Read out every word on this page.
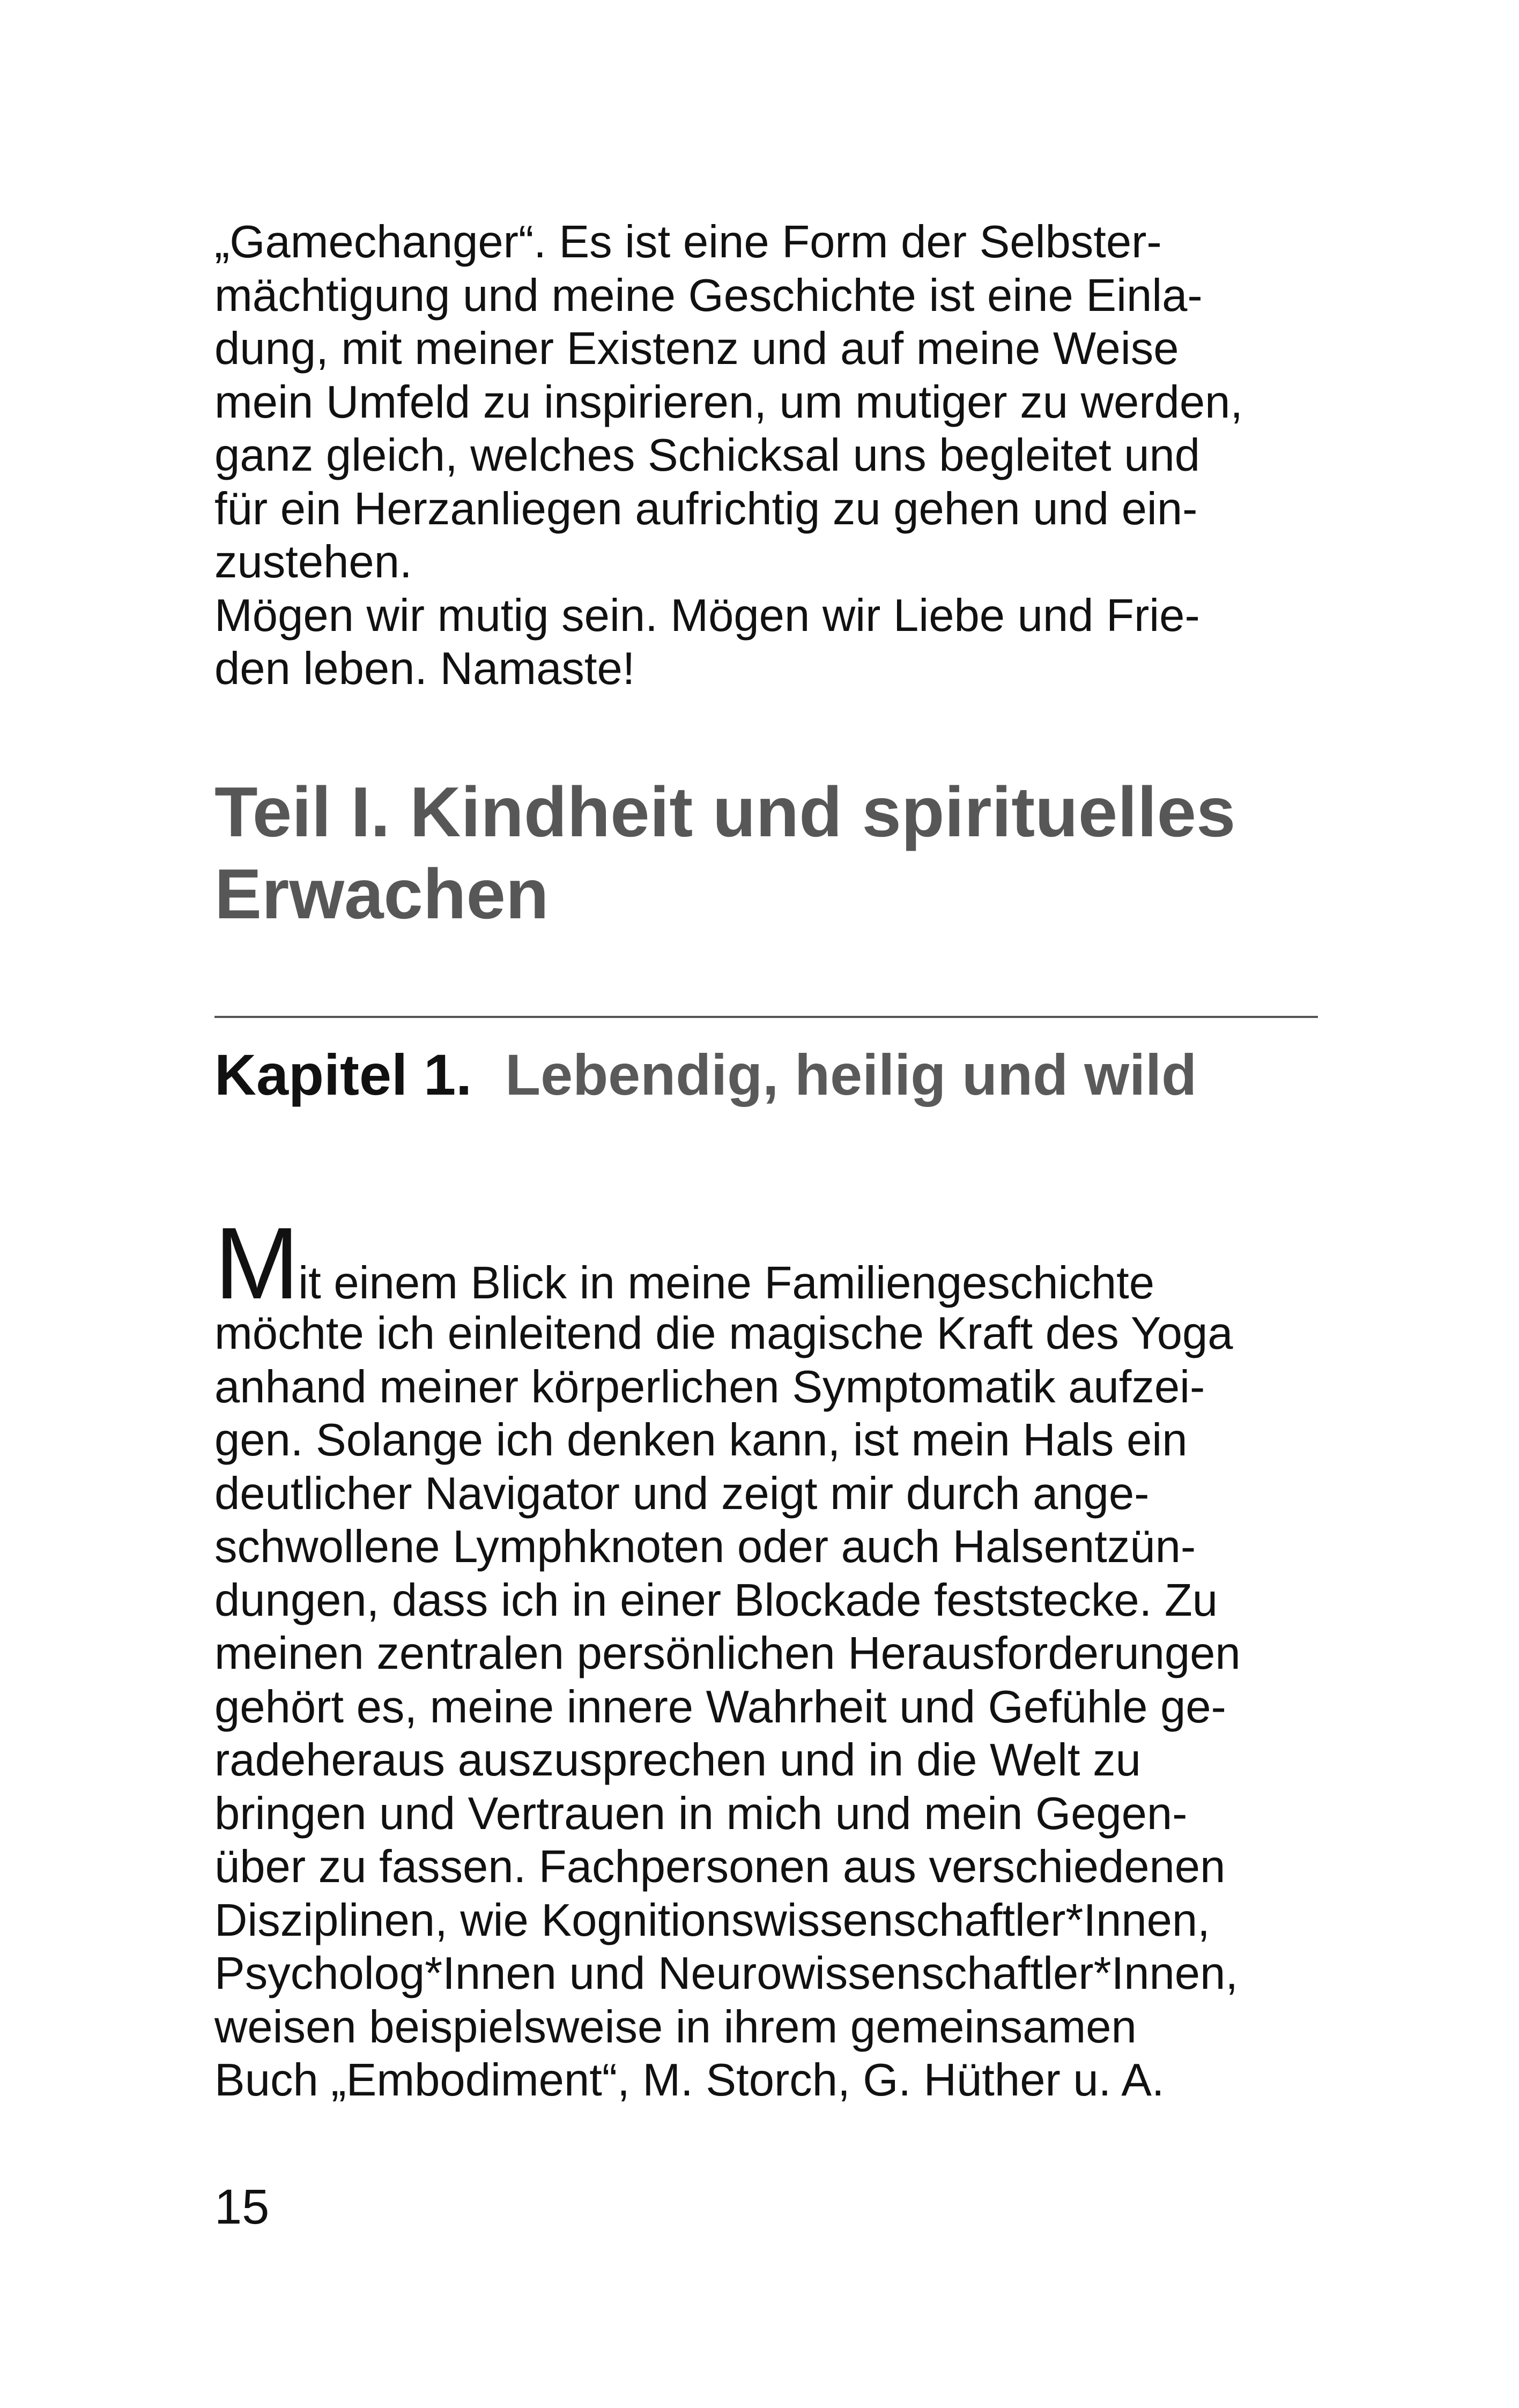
„Gamechanger“. Es ist eine Form der Selbster-
mächtigung und meine Geschichte ist eine Einla-
dung, mit meiner Existenz und auf meine Weise
mein Umfeld zu inspirieren, um mutiger zu werden,
ganz gleich, welches Schicksal uns begleitet und
für ein Herzanliegen aufrichtig zu gehen und ein-
zustehen.
Mögen wir mutig sein. Mögen wir Liebe und Frie-
den leben. Namaste!
Teil I. Kindheit und spirituelles
Erwachen
Kapitel 1. Lebendig, heilig und wild
Mit einem Blick in meine Familiengeschichte
möchte ich einleitend die magische Kraft des Yoga
anhand meiner körperlichen Symptomatik aufzei-
gen. Solange ich denken kann, ist mein Hals ein
deutlicher Navigator und zeigt mir durch ange-
schwollene Lymphknoten oder auch Halsentzün-
dungen, dass ich in einer Blockade feststecke. Zu
meinen zentralen persönlichen Herausforderungen
gehört es, meine innere Wahrheit und Gefühle ge-
radeheraus auszusprechen und in die Welt zu
bringen und Vertrauen in mich und mein Gegen-
über zu fassen. Fachpersonen aus verschiedenen
Disziplinen, wie Kognitionswissenschaftler*Innen,
Psycholog*Innen und Neurowissenschaftler*Innen,
weisen beispielsweise in ihrem gemeinsamen
Buch „Embodiment“, M. Storch, G. Hüther u. A.
15
